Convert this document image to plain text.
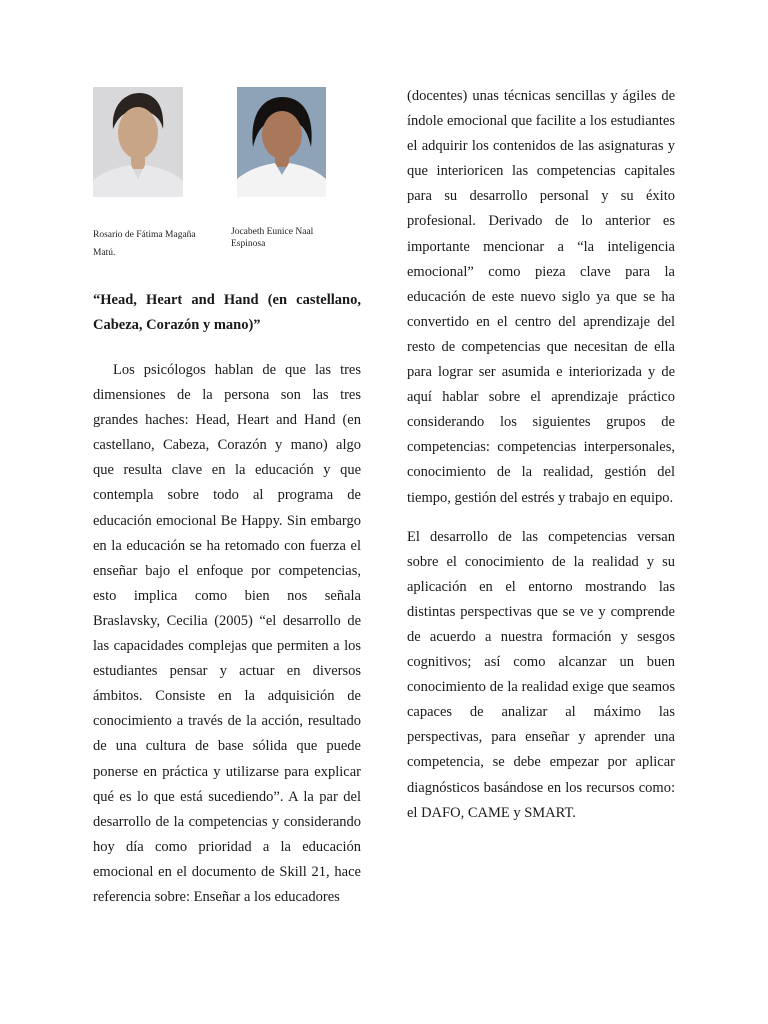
Rosario de Fátima Magaña Matú.
Jocabeth Eunice Naal Espinosa

“Head, Heart and Hand (en castellano, Cabeza, Corazón y mano)”

Los psicólogos hablan de que las tres dimensiones de la persona son las tres grandes haches: Head, Heart and Hand (en castellano, Cabeza, Corazón y mano) algo que resulta clave en la educación y que contempla sobre todo al programa de educación emocional Be Happy. Sin embargo en la educación se ha retomado con fuerza el enseñar bajo el enfoque por competencias, esto implica como bien nos señala Braslavsky, Cecilia (2005) “el desarrollo de las capacidades complejas que permiten a los estudiantes pensar y actuar en diversos ámbitos. Consiste en la adquisición de conocimiento a través de la acción, resultado de una cultura de base sólida que puede ponerse en práctica y utilizarse para explicar qué es lo que está sucediendo”. A la par del desarrollo de la competencias y considerando hoy día como prioridad a la educación emocional en el documento de Skill 21, hace referencia sobre: Enseñar a los educadores

(docentes) unas técnicas sencillas y ágiles de índole emocional que facilite a los estudiantes el adquirir los contenidos de las asignaturas y que interioricen las competencias capitales para su desarrollo personal y su éxito profesional. Derivado de lo anterior es importante mencionar a “la inteligencia emocional” como pieza clave para la educación de este nuevo siglo ya que se ha convertido en el centro del aprendizaje del resto de competencias que necesitan de ella para lograr ser asumida e interiorizada y de aquí hablar sobre el aprendizaje práctico considerando los siguientes grupos de competencias: competencias interpersonales, conocimiento de la realidad, gestión del tiempo, gestión del estrés y trabajo en equipo.

El desarrollo de las competencias versan sobre el conocimiento de la realidad y su aplicación en el entorno mostrando las distintas perspectivas que se ve y comprende de acuerdo a nuestra formación y sesgos cognitivos; así como alcanzar un buen conocimiento de la realidad exige que seamos capaces de analizar al máximo las perspectivas, para enseñar y aprender una competencia, se debe empezar por aplicar diagnósticos basándose en los recursos como: el DAFO, CAME y SMART.
